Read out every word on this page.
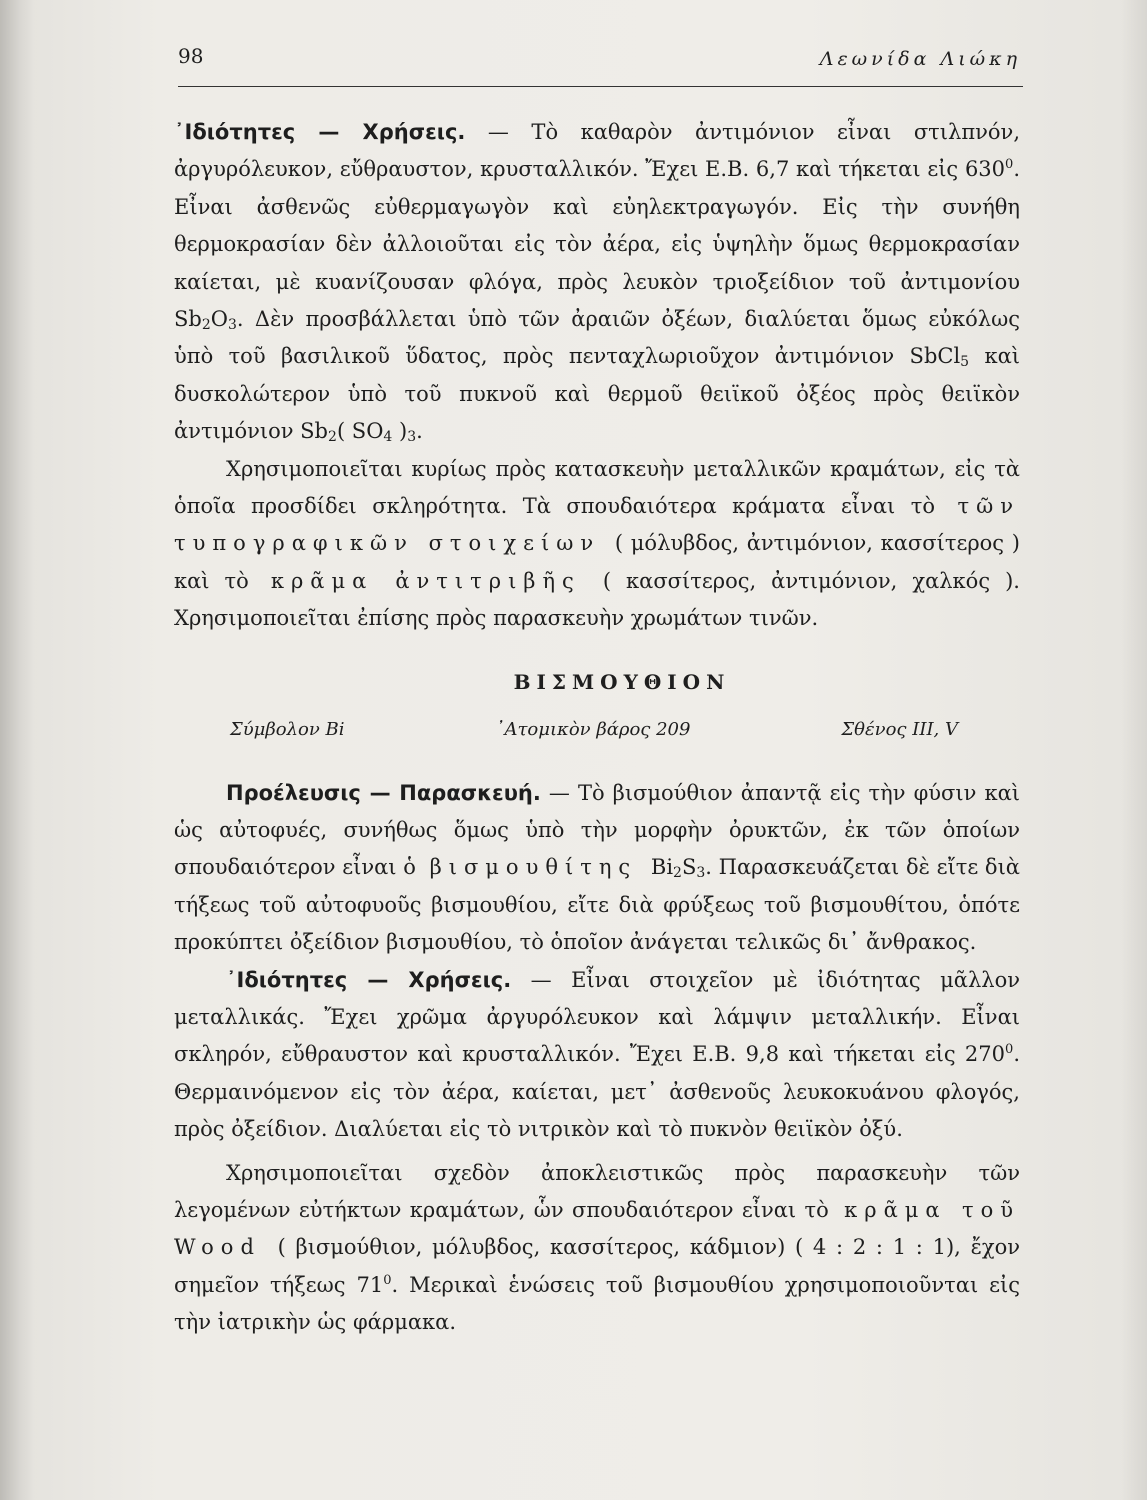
98	Λεωνίδα Λιώκη

᾿Ιδιότητες — Χρήσεις. — Τὸ καθαρὸν ἀντιμόνιον εἶναι στιλπνόν, ἀργυρόλευκον, εὔθραυστον, κρυσταλλικόν. Ἔχει Ε.Β. 6,7 καὶ τήκεται εἰς $630^0$. Εἶναι ἀσθενῶς εὐθερμαγωγὸν καὶ εὐηλεκτραγωγόν. Εἰς τὴν συνήθη θερμοκρασίαν δὲν ἀλλοιοῦται εἰς τὸν ἀέρα, εἰς ὑψηλὴν ὅμως θερμοκρασίαν καίεται, μὲ κυανίζουσαν φλόγα, πρὸς λευκὸν τριοξείδιον τοῦ ἀντιμονίου $Sb_2O_3$. Δὲν προσβάλλεται ὑπὸ τῶν ἀραιῶν ὀξέων, διαλύεται ὅμως εὐκόλως ὑπὸ τοῦ βασιλικοῦ ὕδατος, πρὸς πενταχλωριοῦχον ἀντιμόνιον SbCl$_5$ καὶ δυσκολώτερον ὑπὸ τοῦ πυκνοῦ καὶ θερμοῦ θειϊκοῦ ὀξέος πρὸς θειϊκὸν ἀντιμόνιον $Sb_2$( $SO_4$ )$_3$.

Χρησιμοποιεῖται κυρίως πρὸς κατασκευὴν μεταλλικῶν κραμάτων, εἰς τὰ ὁποῖα προσδίδει σκληρότητα. Τὰ σπουδαιότερα κράματα εἶναι τὸ τῶν τυπογραφικῶν στοιχείων ( μόλυβδος, ἀντιμόνιον, κασσίτερος ) καὶ τὸ κρᾶμα ἀντιτριβῆς ( κασσίτερος, ἀντιμόνιον, χαλκός ). Χρησιμοποιεῖται ἐπίσης πρὸς παρασκευὴν χρωμάτων τινῶν.

ΒΙΣΜΟΥΘΙΟΝ
Σύμβολον Bi	᾿Ατομικὸν βάρος 209	Σθένος III, V

Προέλευσις — Παρασκευή. — Τὸ βισμούθιον ἀπαντᾷ εἰς τὴν φύσιν καὶ ὡς αὐτοφυές, συνήθως ὅμως ὑπὸ τὴν μορφὴν ὀρυκτῶν, ἐκ τῶν ὁποίων σπουδαιότερον εἶναι ὁ βισμουθίτης $Bi_2S_3$. Παρασκευάζεται δὲ εἴτε διὰ τήξεως τοῦ αὐτοφυοῦς βισμουθίου, εἴτε διὰ φρύξεως τοῦ βισμουθίτου, ὁπότε προκύπτει ὀξείδιον βισμουθίου, τὸ ὁποῖον ἀνάγεται τελικῶς δι᾿ ἄνθρακος.

᾿Ιδιότητες — Χρήσεις. — Εἶναι στοιχεῖον μὲ ἰδιότητας μᾶλλον μεταλλικάς. Ἔχει χρῶμα ἀργυρόλευκον καὶ λάμψιν μεταλλικήν. Εἶναι σκληρόν, εὔθραυστον καὶ κρυσταλλικόν. Ἔχει Ε.Β. 9,8 καὶ τήκεται εἰς $270^0$. Θερμαινόμενον εἰς τὸν ἀέρα, καίεται, μετ᾿ ἀσθενοῦς λευκοκυάνου φλογός, πρὸς ὀξείδιον. Διαλύεται εἰς τὸ νιτρικὸν καὶ τὸ πυκνὸν θειϊκὸν ὀξύ.

Χρησιμοποιεῖται σχεδὸν ἀποκλειστικῶς πρὸς παρασκευὴν τῶν λεγομένων εὐτήκτων κραμάτων, ὧν σπουδαιότερον εἶναι τὸ κρᾶμα τοῦ Wood ( βισμούθιον, μόλυβδος, κασσίτερος, κάδμιον) ( 4 : 2 : 1 : 1), ἔχον σημεῖον τήξεως $71^0$. Μερικαὶ ἑνώσεις τοῦ βισμουθίου χρησιμοποιοῦνται εἰς τὴν ἰατρικὴν ὡς φάρμακα.
